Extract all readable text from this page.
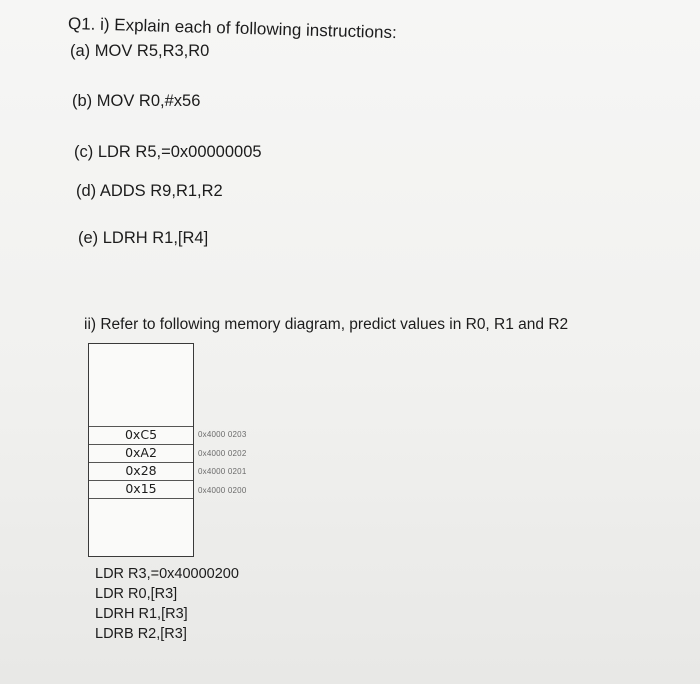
Q1. i) Explain each of following instructions:
(a) MOV R5,R3,R0
(b) MOV R0,#x56
(c) LDR R5,=0x00000005
(d) ADDS R9,R1,R2
(e) LDRH R1,[R4]
ii) Refer to following memory diagram, predict values in R0, R1 and R2
0xC5
0xA2
0x28
0x15
0x4000 0203
0x4000 0202
0x4000 0201
0x4000 0200
LDR R3,=0x40000200
LDR R0,[R3]
LDRH R1,[R3]
LDRB R2,[R3]
